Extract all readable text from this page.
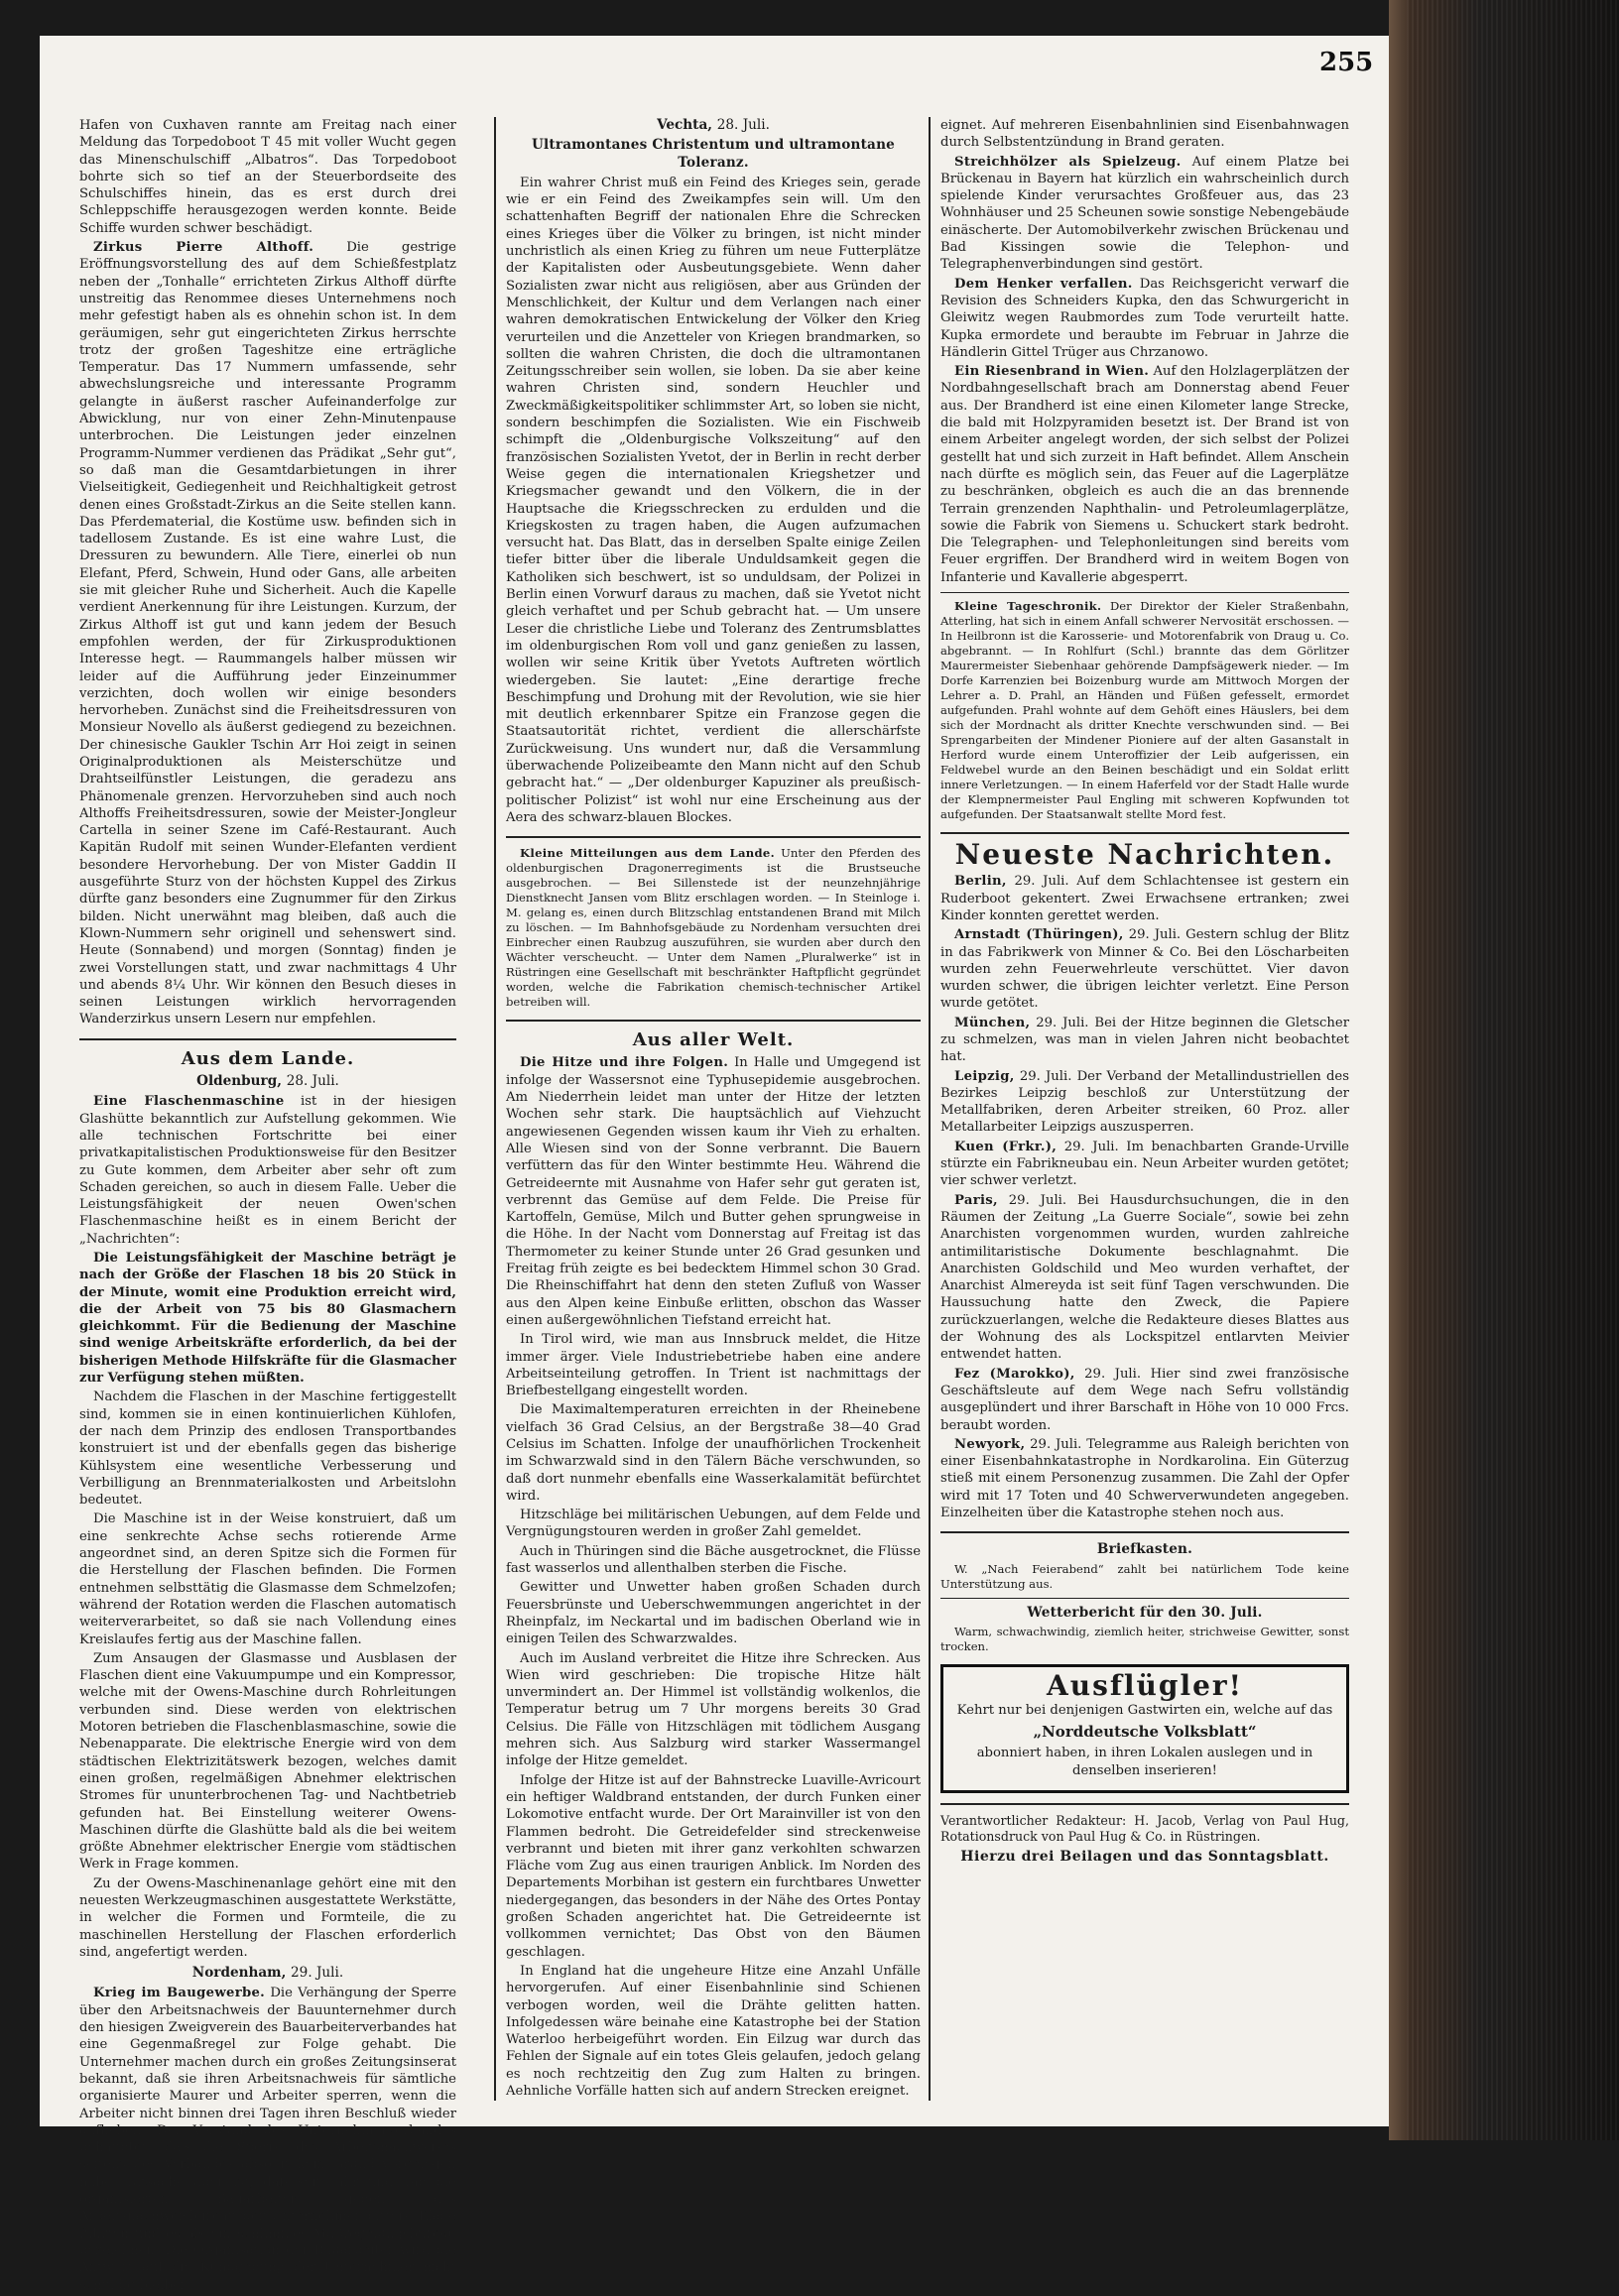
255

Hafen von Cuxhaven rannte am Freitag nach einer Meldung das Torpedoboot T 45 mit voller Wucht gegen das Minenschulschiff „Albatros“. Das Torpedoboot bohrte sich so tief an der Steuerbordseite des Schulschiffes hinein, das es erst durch drei Schleppschiffe herausgezogen werden konnte. Beide Schiffe wurden schwer beschädigt.

Zirkus Pierre Althoff.	Die gestrige Eröffnungsvorstellung des auf dem Schießfestplatz neben der „Tonhalle“ errichteten Zirkus Althoff dürfte unstreitig das Renommee dieses Unternehmens noch mehr gefestigt haben als es ohnehin schon ist. In dem geräumigen, sehr gut eingerichteten Zirkus herrschte trotz der großen Tageshitze eine erträgliche Temperatur. Das 17 Nummern umfassende, sehr abwechslungsreiche und interessante Programm gelangte in äußerst rascher Aufeinanderfolge zur Abwicklung, nur von einer Zehn-Minutenpause unterbrochen. Die Leistungen jeder einzelnen Programm-Nummer verdienen das Prädikat „Sehr gut“, so daß man die Gesamtdarbietungen in ihrer Vielseitigkeit, Gediegenheit und Reichhaltigkeit getrost denen eines Großstadt-Zirkus an die Seite stellen kann. Das Pferdematerial, die Kostüme usw. befinden sich in tadellosem Zustande. Es ist eine wahre Lust, die Dressuren zu bewundern. Alle Tiere, einerlei ob nun Elefant, Pferd, Schwein, Hund oder Gans, alle arbeiten sie mit gleicher Ruhe und Sicherheit. Auch die Kapelle verdient Anerkennung für ihre Leistungen. Kurzum, der Zirkus Althoff ist gut und kann jedem der Besuch empfohlen werden, der für Zirkusproduktionen Interesse hegt. — Raummangels halber müssen wir leider auf die Aufführung jeder Einzeinummer verzichten, doch wollen wir einige besonders hervorheben. Zunächst sind die Freiheitsdressuren von Monsieur Novello als äußerst gediegend zu bezeichnen. Der chinesische Gaukler Tschin Arr Hoi zeigt in seinen Originalproduktionen als Meisterschütze und Drahtseilfünstler Leistungen, die geradezu ans Phänomenale grenzen. Hervorzuheben sind auch noch Althoffs Freiheitsdressuren, sowie der Meister-Jongleur Cartella in seiner Szene im Café-Restaurant. Auch Kapitän Rudolf mit seinen Wunder-Elefanten verdient besondere Hervorhebung. Der von Mister Gaddin II ausgeführte Sturz von der höchsten Kuppel des Zirkus dürfte ganz besonders eine Zugnummer für den Zirkus bilden. Nicht unerwähnt mag bleiben, daß auch die Klown-Nummern sehr originell und sehenswert sind. Heute (Sonnabend) und morgen (Sonntag) finden je zwei Vorstellungen statt, und zwar nachmittags 4 Uhr und abends 8¼ Uhr. Wir können den Besuch dieses in seinen Leistungen wirklich hervorragenden Wanderzirkus unsern Lesern nur empfehlen.

Aus dem Lande.
Oldenburg, 28. Juli.

Eine Flaschenmaschine ist in der hiesigen Glashütte bekanntlich zur Aufstellung gekommen. Wie alle technischen Fortschritte bei einer privatkapitalistischen Produktionsweise für den Besitzer zu Gute kommen, dem Arbeiter aber sehr oft zum Schaden gereichen, so auch in diesem Falle. Ueber die Leistungsfähigkeit der neuen Owen'schen Flaschenmaschine heißt es in einem Bericht der „Nachrichten“:

Die Leistungsfähigkeit der Maschine beträgt je nach der Größe der Flaschen 18 bis 20 Stück in der Minute, womit eine Produktion erreicht wird, die der Arbeit von 75 bis 80 Glasmachern gleichkommt. Für die Bedienung der Maschine sind wenige Arbeitskräfte erforderlich, da bei der bisherigen Methode Hilfskräfte für die Glasmacher zur Verfügung stehen müßten.

Nachdem die Flaschen in der Maschine fertiggestellt sind, kommen sie in einen kontinuierlichen Kühlofen, der nach dem Prinzip des endlosen Transportbandes konstruiert ist und der ebenfalls gegen das bisherige Kühlsystem eine wesentliche Verbesserung und Verbilligung an Brennmaterialkosten und Arbeitslohn bedeutet.

Die Maschine ist in der Weise konstruiert, daß um eine senkrechte Achse sechs rotierende Arme angeordnet sind, an deren Spitze sich die Formen für die Herstellung der Flaschen befinden. Die Formen entnehmen selbsttätig die Glasmasse dem Schmelzofen; während der Rotation werden die Flaschen automatisch weiterverarbeitet, so daß sie nach Vollendung eines Kreislaufes fertig aus der Maschine fallen.

Zum Ansaugen der Glasmasse und Ausblasen der Flaschen dient eine Vakuumpumpe und ein Kompressor, welche mit der Owens-Maschine durch Rohrleitungen verbunden sind. Diese werden von elektrischen Motoren betrieben die Flaschenblasmaschine, sowie die Nebenapparate. Die elektrische Energie wird von dem städtischen Elektrizitätswerk bezogen, welches damit einen großen, regelmäßigen Abnehmer elektrischen Stromes für ununterbrochenen Tag- und Nachtbetrieb gefunden hat. Bei Einstellung weiterer Owens-Maschinen dürfte die Glashütte bald als die bei weitem größte Abnehmer elektrischer Energie vom städtischen Werk in Frage kommen.

Zu der Owens-Maschinenanlage gehört eine mit den neuesten Werkzeugmaschinen ausgestattete Werkstätte, in welcher die Formen und Formteile, die zu maschinellen Herstellung der Flaschen erforderlich sind, angefertigt werden.

Nordenham, 29. Juli.

Krieg im Baugewerbe. Die Verhängung der Sperre über den Arbeitsnachweis der Bauunternehmer durch den hiesigen Zweigverein des Bauarbeiterverbandes hat eine Gegenmaßregel zur Folge gehabt. Die Unternehmer machen durch ein großes Zeitungsinserat bekannt, daß sie ihren Arbeitsnachweis für sämtliche organisierte Maurer und Arbeiter sperren, wenn die Arbeiter nicht binnen drei Tagen ihren Beschluß wieder aufheben. Der Vorstand des Unternehmerverbandes behauptet, daß die Sperre des Arbeitsnachweises seitens des Verbandes absolut kein Grund vorgelegen habe. Tatsache aber ist, daß seit Jahr und Tag die organisierten Bauarbeiter gegen das Arbeitsnachweisbureau der Unternehmer bittere Klage führten und es als ein schlimmes Maßregelungsbureau bezeichnen. Die Organisation der Bauarbeiter wird die Antwort auf die Kundgebung der Unternehmer nicht schuldig bleiben.

Vechta, 28. Juli.
Ultramontanes Christentum und ultramontane Toleranz.

Ein wahrer Christ muß ein Feind des Krieges sein, gerade wie er ein Feind des Zweikampfes sein will. Um den schattenhaften Begriff der nationalen Ehre die Schrecken eines Krieges über die Völker zu bringen, ist nicht minder unchristlich als einen Krieg zu führen um neue Futterplätze der Kapitalisten oder Ausbeutungsgebiete. Wenn daher Sozialisten zwar nicht aus religiösen, aber aus Gründen der Menschlichkeit, der Kultur und dem Verlangen nach einer wahren demokratischen Entwickelung der Völker den Krieg verurteilen und die Anzetteler von Kriegen brandmarken, so sollten die wahren Christen, die doch die ultramontanen Zeitungsschreiber sein wollen, sie loben. Da sie aber keine wahren Christen sind, sondern Heuchler und Zweckmäßigkeitspolitiker schlimmster Art, so loben sie nicht, sondern beschimpfen die Sozialisten. Wie ein Fischweib schimpft die „Oldenburgische Volkszeitung“ auf den französischen Sozialisten Yvetot, der in Berlin in recht derber Weise gegen die internationalen Kriegshetzer und Kriegsmacher gewandt und den Völkern, die in der Hauptsache die Kriegsschrecken zu erdulden und die Kriegskosten zu tragen haben, die Augen aufzumachen versucht hat. Das Blatt, das in derselben Spalte einige Zeilen tiefer bitter über die liberale Unduldsamkeit gegen die Katholiken sich beschwert, ist so unduldsam, der Polizei in Berlin einen Vorwurf daraus zu machen, daß sie Yvetot nicht gleich verhaftet und per Schub gebracht hat. — Um unsere Leser die christliche Liebe und Toleranz des Zentrumsblattes im oldenburgischen Rom voll und ganz genießen zu lassen, wollen wir seine Kritik über Yvetots Auftreten wörtlich wiedergeben. Sie lautet: „Eine derartige freche Beschimpfung und Drohung mit der Revolution, wie sie hier mit deutlich erkennbarer Spitze ein Franzose gegen die Staatsautorität richtet, verdient die allerschärfste Zurückweisung. Uns wundert nur, daß die Versammlung überwachende Polizeibeamte den Mann nicht auf den Schub gebracht hat.“ — „Der oldenburger Kapuziner als preußisch-politischer Polizist“ ist wohl nur eine Erscheinung aus der Aera des schwarz-blauen Blockes.

Kleine Mitteilungen aus dem Lande. Unter den Pferden des oldenburgischen Dragonerregiments ist die Brustseuche ausgebrochen. — Bei Sillenstede ist der neunzehnjährige Dienstknecht Jansen vom Blitz erschlagen worden. — In Steinloge i. M. gelang es, einen durch Blitzschlag entstandenen Brand mit Milch zu löschen. — Im Bahnhofsgebäude zu Nordenham versuchten drei Einbrecher einen Raubzug auszuführen, sie wurden aber durch den Wächter verscheucht. — Unter dem Namen „Pluralwerke“ ist in Rüstringen eine Gesellschaft mit beschränkter Haftpflicht gegründet worden, welche die Fabrikation chemisch-technischer Artikel betreiben will.

Aus aller Welt.

Die Hitze und ihre Folgen. In Halle und Umgegend ist infolge der Wassersnot eine Typhusepidemie ausgebrochen. Am Niederrhein leidet man unter der Hitze der letzten Wochen sehr stark. Die hauptsächlich auf Viehzucht angewiesenen Gegenden wissen kaum ihr Vieh zu erhalten. Alle Wiesen sind von der Sonne verbrannt. Die Bauern verfüttern das für den Winter bestimmte Heu. Während die Getreideernte mit Ausnahme von Hafer sehr gut geraten ist, verbrennt das Gemüse auf dem Felde. Die Preise für Kartoffeln, Gemüse, Milch und Butter gehen sprungweise in die Höhe. In der Nacht vom Donnerstag auf Freitag ist das Thermometer zu keiner Stunde unter 26 Grad gesunken und Freitag früh zeigte es bei bedecktem Himmel schon 30 Grad. Die Rheinschiffahrt hat denn den steten Zufluß von Wasser aus den Alpen keine Einbuße erlitten, obschon das Wasser einen außergewöhnlichen Tiefstand erreicht hat.

In Tirol wird, wie man aus Innsbruck meldet, die Hitze immer ärger. Viele Industriebetriebe haben eine andere Arbeitseinteilung getroffen. In Trient ist nachmittags der Briefbestellgang eingestellt worden.

Die Maximaltemperaturen erreichten in der Rheinebene vielfach 36 Grad Celsius, an der Bergstraße 38—40 Grad Celsius im Schatten. Infolge der unaufhörlichen Trockenheit im Schwarzwald sind in den Tälern Bäche verschwunden, so daß dort nunmehr ebenfalls eine Wasserkalamität befürchtet wird.

Hitzschläge bei militärischen Uebungen, auf dem Felde und Vergnügungstouren werden in großer Zahl gemeldet.

Auch in Thüringen sind die Bäche ausgetrocknet, die Flüsse fast wasserlos und allenthalben sterben die Fische.

Gewitter und Unwetter haben großen Schaden durch Feuersbrünste und Ueberschwemmungen angerichtet in der Rheinpfalz, im Neckartal und im badischen Oberland wie in einigen Teilen des Schwarzwaldes.

Auch im Ausland verbreitet die Hitze ihre Schrecken. Aus Wien wird geschrieben: Die tropische Hitze hält unvermindert an. Der Himmel ist vollständig wolkenlos, die Temperatur betrug um 7 Uhr morgens bereits 30 Grad Celsius. Die Fälle von Hitzschlägen mit tödlichem Ausgang mehren sich. Aus Salzburg wird starker Wassermangel infolge der Hitze gemeldet.

Infolge der Hitze ist auf der Bahnstrecke Luaville-Avricourt ein heftiger Waldbrand entstanden, der durch Funken einer Lokomotive entfacht wurde. Der Ort Marainviller ist von den Flammen bedroht. Die Getreidefelder sind streckenweise verbrannt und bieten mit ihrer ganz verkohlten schwarzen Fläche vom Zug aus einen traurigen Anblick. Im Norden des Departements Morbihan ist gestern ein furchtbares Unwetter niedergegangen, das besonders in der Nähe des Ortes Pontay großen Schaden angerichtet hat. Die Getreideernte ist vollkommen vernichtet; Das Obst von den Bäumen geschlagen.

In England hat die ungeheure Hitze eine Anzahl Unfälle hervorgerufen. Auf einer Eisenbahnlinie sind Schienen verbogen worden, weil die Drähte gelitten hatten. Infolgedessen wäre beinahe eine Katastrophe bei der Station Waterloo herbeigeführt worden. Ein Eilzug war durch das Fehlen der Signale auf ein totes Gleis gelaufen, jedoch gelang es noch rechtzeitig den Zug zum Halten zu bringen. Aehnliche Vorfälle hatten sich auf andern Strecken ereignet.

eignet. Auf mehreren Eisenbahnlinien sind Eisenbahnwagen durch Selbstentzündung in Brand geraten.

Streichhölzer als Spielzeug. Auf einem Platze bei Brückenau in Bayern hat kürzlich ein wahrscheinlich durch spielende Kinder verursachtes Großfeuer aus, das 23 Wohnhäuser und 25 Scheunen sowie sonstige Nebengebäude einäscherte. Der Automobilverkehr zwischen Brückenau und Bad Kissingen sowie die Telephon- und Telegraphenverbindungen sind gestört.

Dem Henker verfallen. Das Reichsgericht verwarf die Revision des Schneiders Kupka, den das Schwurgericht in Gleiwitz wegen Raubmordes zum Tode verurteilt hatte. Kupka ermordete und beraubte im Februar in Jahrze die Händlerin Gittel Trüger aus Chrzanowo.

Ein Riesenbrand in Wien. Auf den Holzlagerplätzen der Nordbahngesellschaft brach am Donnerstag abend Feuer aus. Der Brandherd ist eine einen Kilometer lange Strecke, die bald mit Holzpyramiden besetzt ist. Der Brand ist von einem Arbeiter angelegt worden, der sich selbst der Polizei gestellt hat und sich zurzeit in Haft befindet. Allem Anschein nach dürfte es möglich sein, das Feuer auf die Lagerplätze zu beschränken, obgleich es auch die an das brennende Terrain grenzenden Naphthalin- und Petroleumlagerplätze, sowie die Fabrik von Siemens u. Schuckert stark bedroht. Die Telegraphen- und Telephonleitungen sind bereits vom Feuer ergriffen. Der Brandherd wird in weitem Bogen von Infanterie und Kavallerie abgesperrt.

Kleine Tageschronik. Der Direktor der Kieler Straßenbahn, Atterling, hat sich in einem Anfall schwerer Nervosität erschossen. — In Heilbronn ist die Karosserie- und Motorenfabrik von Draug u. Co. abgebrannt. — In Rohlfurt (Schl.) brannte das dem Görlitzer Maurermeister Siebenhaar gehörende Dampfsägewerk nieder. — Im Dorfe Karrenzien bei Boizenburg wurde am Mittwoch Morgen der Lehrer a. D. Prahl, an Händen und Füßen gefesselt, ermordet aufgefunden. Prahl wohnte auf dem Gehöft eines Häuslers, bei dem sich der Mordnacht als dritter Knechte verschwunden sind. — Bei Sprengarbeiten der Mindener Pioniere auf der alten Gasanstalt in Herford wurde einem Unteroffizier der Leib aufgerissen, ein Feldwebel wurde an den Beinen beschädigt und ein Soldat erlitt innere Verletzungen. — In einem Haferfeld vor der Stadt Halle wurde der Klempnermeister Paul Engling mit schweren Kopfwunden tot aufgefunden. Der Staatsanwalt stellte Mord fest.

Neueste Nachrichten.

Berlin, 29. Juli. Auf dem Schlachtensee ist gestern ein Ruderboot gekentert. Zwei Erwachsene ertranken; zwei Kinder konnten gerettet werden.

Arnstadt (Thüringen), 29. Juli. Gestern schlug der Blitz in das Fabrikwerk von Minner & Co. Bei den Löscharbeiten wurden zehn Feuerwehrleute verschüttet. Vier davon wurden schwer, die übrigen leichter verletzt. Eine Person wurde getötet.

München, 29. Juli. Bei der Hitze beginnen die Gletscher zu schmelzen, was man in vielen Jahren nicht beobachtet hat.

Leipzig, 29. Juli. Der Verband der Metallindustriellen des Bezirkes Leipzig beschloß zur Unterstützung der Metallfabriken, deren Arbeiter streiken, 60 Proz. aller Metallarbeiter Leipzigs auszusperren.

Kuen (Frkr.), 29. Juli. Im benachbarten Grande-Urville stürzte ein Fabrikneubau ein. Neun Arbeiter wurden getötet; vier schwer verletzt.

Paris, 29. Juli. Bei Hausdurchsuchungen, die in den Räumen der Zeitung „La Guerre Sociale“, sowie bei zehn Anarchisten vorgenommen wurden, wurden zahlreiche antimilitaristische Dokumente beschlagnahmt. Die Anarchisten Goldschild und Meo wurden verhaftet, der Anarchist Almereyda ist seit fünf Tagen verschwunden. Die Haussuchung hatte den Zweck, die Papiere zurückzuerlangen, welche die Redakteure dieses Blattes aus der Wohnung des als Lockspitzel entlarvten Meivier entwendet hatten.

Fez (Marokko), 29. Juli. Hier sind zwei französische Geschäftsleute auf dem Wege nach Sefru vollständig ausgeplündert und ihrer Barschaft in Höhe von 10 000 Frcs. beraubt worden.

Newyork, 29. Juli. Telegramme aus Raleigh berichten von einer Eisenbahnkatastrophe in Nordkarolina. Ein Güterzug stieß mit einem Personenzug zusammen. Die Zahl der Opfer wird mit 17 Toten und 40 Schwerverwundeten angegeben. Einzelheiten über die Katastrophe stehen noch aus.

Briefkasten.

W. „Nach Feierabend“ zahlt bei natürlichem Tode keine Unterstützung aus.

Wetterbericht für den 30. Juli.

Warm, schwachwindig, ziemlich heiter, strichweise Gewitter, sonst trocken.

Ausflügler!
Kehrt nur bei denjenigen Gastwirten ein, welche auf das
„Norddeutsche Volksblatt“
abonniert haben, in ihren Lokalen auslegen und in denselben inserieren!
Verantwortlicher Redakteur: H. Jacob, Verlag von Paul Hug, Rotationsdruck von Paul Hug & Co. in Rüstringen.
Hierzu drei Beilagen und das Sonntagsblatt.
